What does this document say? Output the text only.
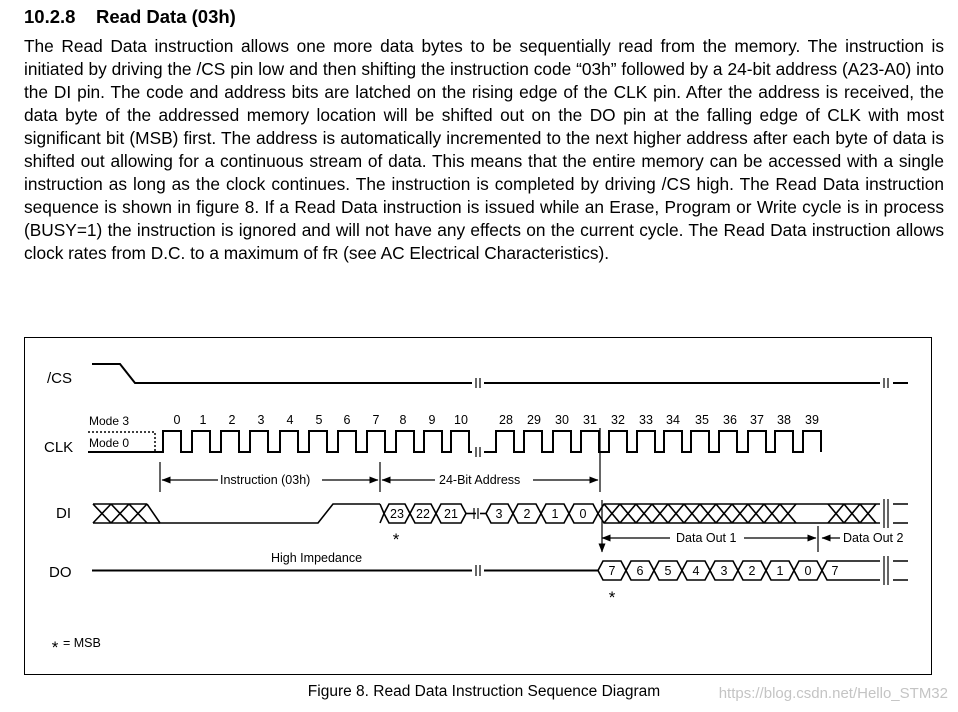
10.2.8 Read Data (03h)

The Read Data instruction allows one more data bytes to be sequentially read from the memory. The instruction is initiated by driving the /CS pin low and then shifting the instruction code “03h” followed by a 24-bit address (A23-A0) into the DI pin. The code and address bits are latched on the rising edge of the CLK pin. After the address is received, the data byte of the addressed memory location will be shifted out on the DO pin at the falling edge of CLK with most significant bit (MSB) first. The address is automatically incremented to the next higher address after each byte of data is shifted out allowing for a continuous stream of data. This means that the entire memory can be accessed with a single instruction as long as the clock continues. The instruction is completed by driving /CS high. The Read Data instruction sequence is shown in figure 8. If a Read Data instruction is issued while an Erase, Program or Write cycle is in process (BUSY=1) the instruction is ignored and will not have any effects on the current cycle. The Read Data instruction allows clock rates from D.C. to a maximum of fR (see AC Electrical Characteristics).

/CS
CLK
DI
DO
Mode 3
Mode 0
0 1 2 3 4 5 6 7 8 9 10 28 29 30 31 32 33 34 35 36 37 38 39
Instruction (03h)	24-Bit Address
23 22 21	3 2 1 0
Data Out 1	Data Out 2
7 6 5 4 3 2 1 0 7
High Impedance
*
*
* = MSB
Figure 8. Read Data Instruction Sequence Diagram	https://blog.csdn.net/Hello_STM32
